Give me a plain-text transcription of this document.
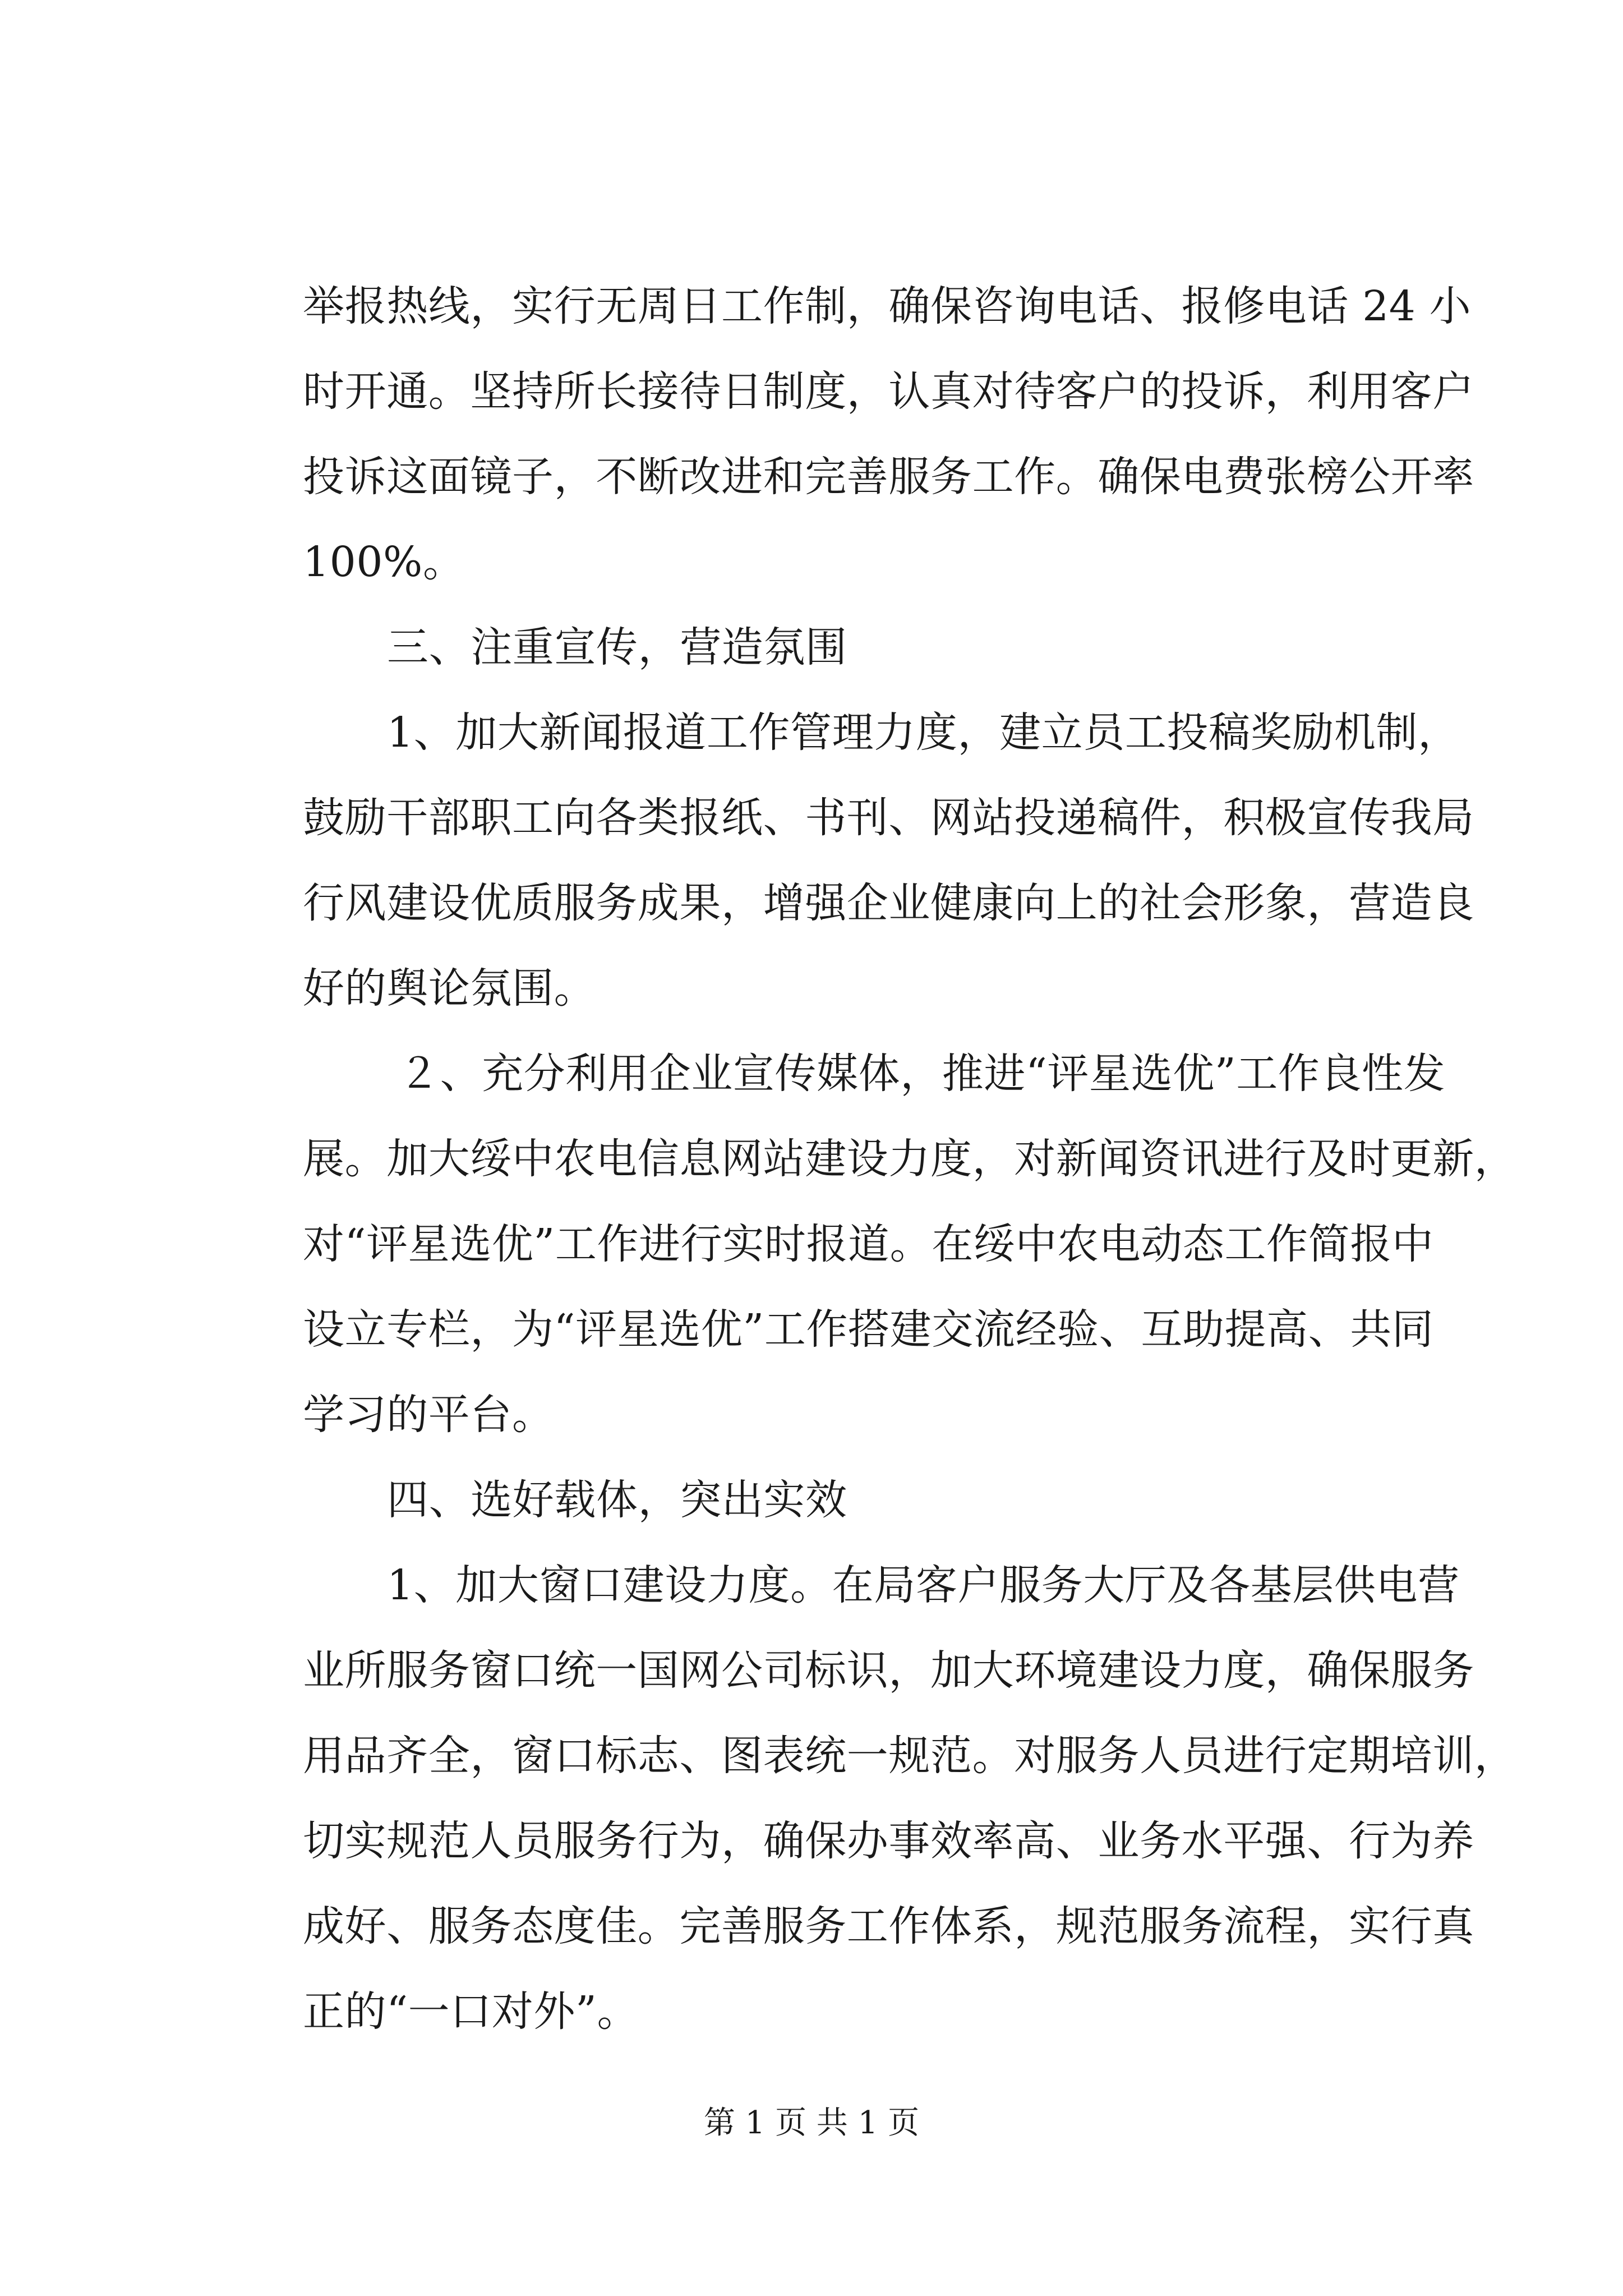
举报热线，实行无周日工作制，确保咨询电话、报修电话 24 小
时开通。坚持所长接待日制度，认真对待客户的投诉，利用客户
投诉这面镜子，不断改进和完善服务工作。确保电费张榜公开率
100%。
三、注重宣传，营造氛围
1、加大新闻报道工作管理力度，建立员工投稿奖励机制，
鼓励干部职工向各类报纸、书刊、网站投递稿件，积极宣传我局
行风建设优质服务成果，增强企业健康向上的社会形象，营造良
好的舆论氛围。
２、充分利用企业宣传媒体，推进“评星选优”工作良性发
展。加大绥中农电信息网站建设力度，对新闻资讯进行及时更新，
对“评星选优”工作进行实时报道。在绥中农电动态工作简报中
设立专栏，为“评星选优”工作搭建交流经验、互助提高、共同
学习的平台。
四、选好载体，突出实效
1、加大窗口建设力度。在局客户服务大厅及各基层供电营
业所服务窗口统一国网公司标识，加大环境建设力度，确保服务
用品齐全，窗口标志、图表统一规范。对服务人员进行定期培训，
切实规范人员服务行为，确保办事效率高、业务水平强、行为养
成好、服务态度佳。完善服务工作体系，规范服务流程，实行真
正的“一口对外”。
第 1 页 共 1 页
